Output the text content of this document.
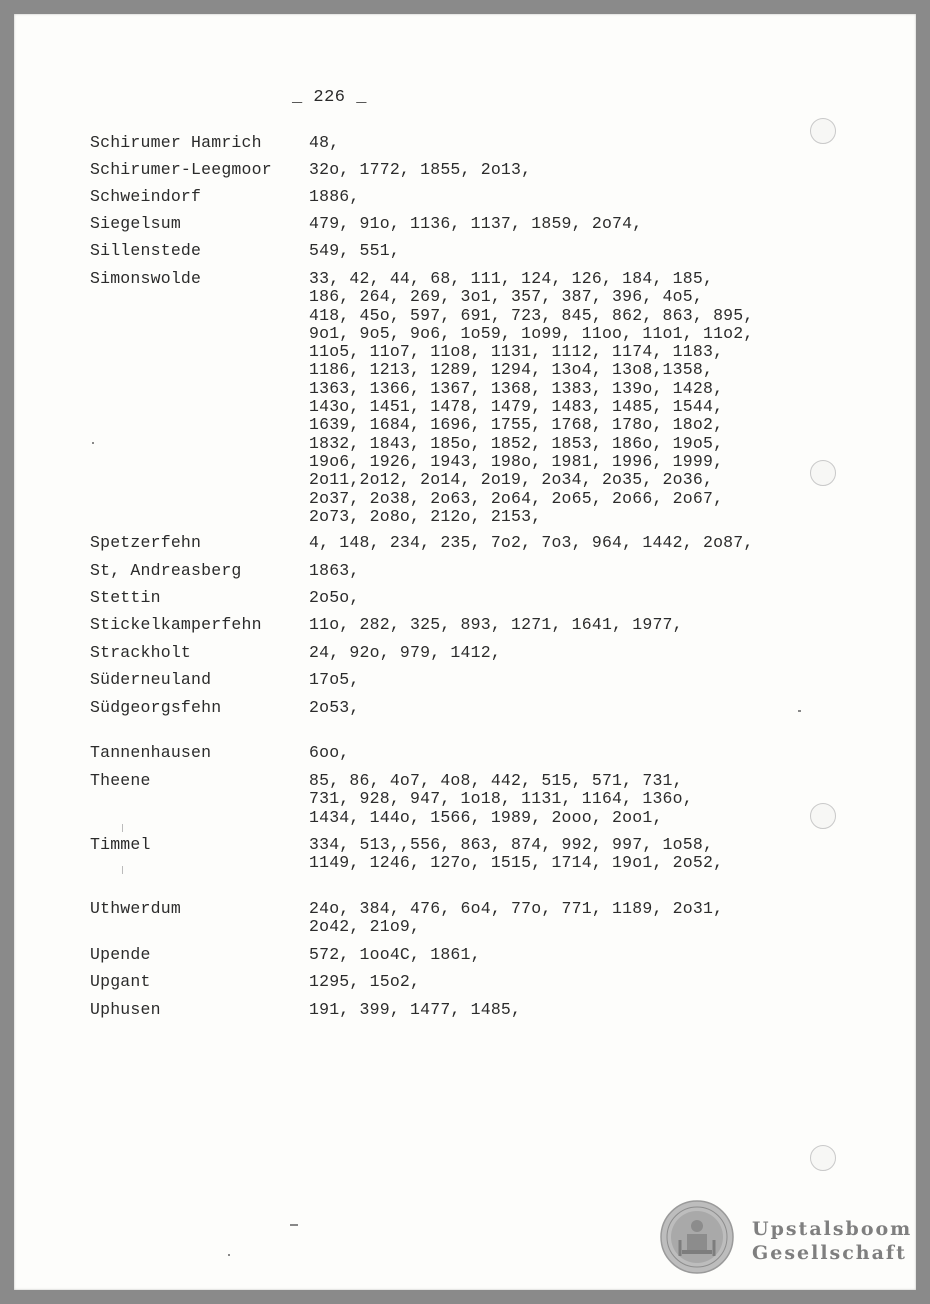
_ 226 _
Schirumer Hamrich	48,
Schirumer-Leegmoor	32o, 1772, 1855, 2o13,
Schweindorf	1886,
Siegelsum	479, 91o, 1136, 1137, 1859, 2o74,
Sillenstede	549, 551,
Simonswolde	33, 42, 44, 68, 111, 124, 126, 184, 185,
186, 264, 269, 3o1, 357, 387, 396, 4o5,
418, 45o, 597, 691, 723, 845, 862, 863, 895,
9o1, 9o5, 9o6, 1o59, 1o99, 11oo, 11o1, 11o2,
11o5, 11o7, 11o8, 1131, 1112, 1174, 1183,
1186, 1213, 1289, 1294, 13o4, 13o8,1358,
1363, 1366, 1367, 1368, 1383, 139o, 1428,
143o, 1451, 1478, 1479, 1483, 1485, 1544,
1639, 1684, 1696, 1755, 1768, 178o, 18o2,
1832, 1843, 185o, 1852, 1853, 186o, 19o5,
19o6, 1926, 1943, 198o, 1981, 1996, 1999,
2o11,2o12, 2o14, 2o19, 2o34, 2o35, 2o36,
2o37, 2o38, 2o63, 2o64, 2o65, 2o66, 2o67,
2o73, 2o8o, 212o, 2153,
Spetzerfehn	4, 148, 234, 235, 7o2, 7o3, 964, 1442, 2o87,
St, Andreasberg	1863,
Stettin	2o5o,
Stickelkamperfehn	11o, 282, 325, 893, 1271, 1641, 1977,
Strackholt	24, 92o, 979, 1412,
Süderneuland	17o5,
Südgeorgsfehn	2o53,
Tannenhausen	6oo,
Theene	85, 86, 4o7, 4o8, 442, 515, 571, 731,
731, 928, 947, 1o18, 1131, 1164, 136o,
1434, 144o, 1566, 1989, 2ooo, 2oo1,
Timmel	334, 513,,556, 863, 874, 992, 997, 1o58,
1149, 1246, 127o, 1515, 1714, 19o1, 2o52,
Uthwerdum	24o, 384, 476, 6o4, 77o, 771, 1189, 2o31,
2o42, 21o9,
Upende	572, 1oo4C, 1861,
Upgant	1295, 15o2,
Uphusen	191, 399, 1477, 1485,
Upstalsboom
Gesellschaft
